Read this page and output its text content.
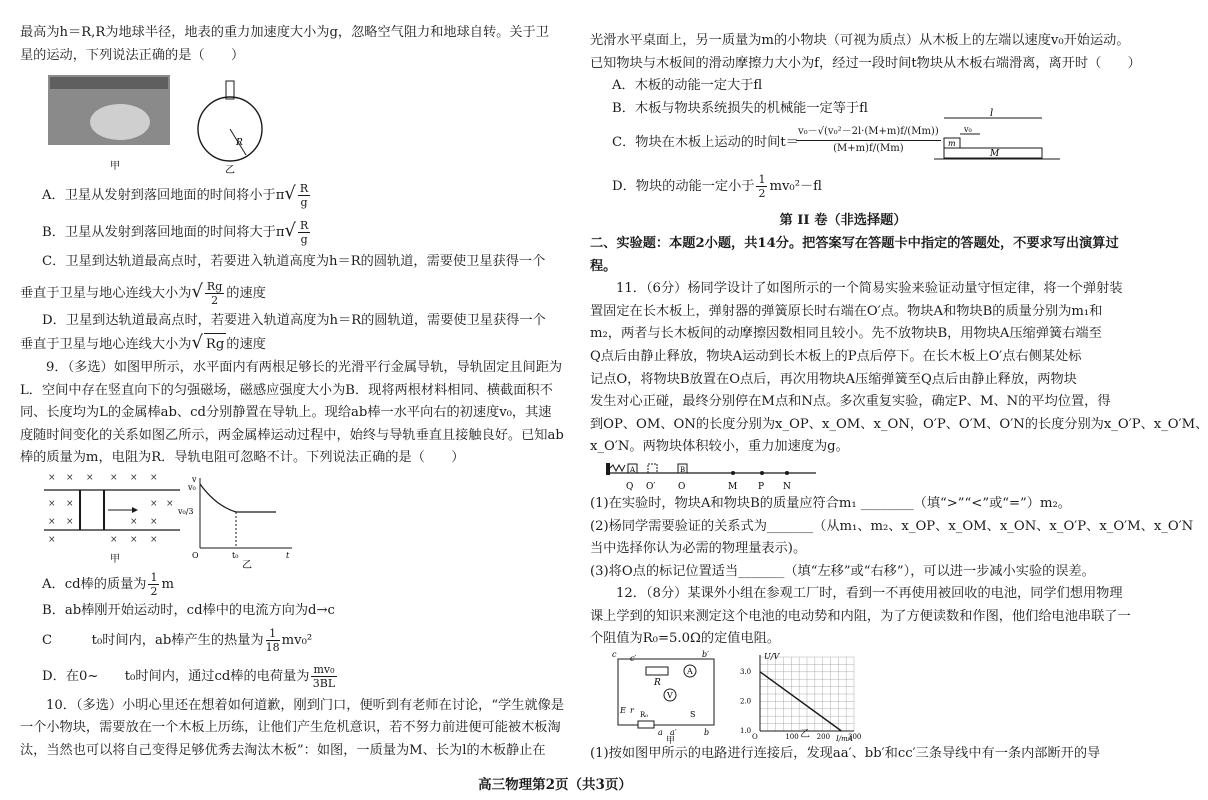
最高为h＝R,R为地球半径，地表的重力加速度大小为g，忽略空气阻力和地球自转。关于卫

星的运动，下列说法正确的是（　　）

R
甲	乙

A．卫星从发射到落回地面的时间将小于$\pi√ \frac{R}{g}$

B．卫星从发射到落回地面的时间将大于$\pi√ \frac{R}{g}$

C．卫星到达轨道最高点时，若要进入轨道高度为h＝R的圆轨道，需要使卫星获得一个

垂直于卫星与地心连线大小为√ $\frac{Rg}{2}$ 的速度

D．卫星到达轨道最高点时，若要进入轨道高度为h＝R的圆轨道，需要使卫星获得一个

垂直于卫星与地心连线大小为√ Rg 的速度

9．（多选）如图甲所示，水平面内有两根足够长的光滑平行金属导轨，导轨固定且间距为

L．空间中存在竖直向下的匀强磁场，磁感应强度大小为B．现将两根材料相同、横截面积不

同、长度均为L的金属棒ab、cd分别静置在导轨上。现给ab棒一水平向右的初速度v₀，其速

度随时间变化的关系如图乙所示，两金属棒运动过程中，始终与导轨垂直且接触良好。已知ab

棒的质量为m，电阻为R．导轨电阻可忽略不计。下列说法正确的是（　　）

× × × × × ×
× ×	× ×
× ×	× ×
×	× × ×
甲
v
v₀
v₀/3
O	t₀	t
乙

A．cd棒的质量为 $\frac{1}{2}$ m

B．ab棒刚开始运动时，cd棒中的电流方向为d→c

C　　　t₀时间内，ab棒产生的热量为 $\frac{1}{18} mv_0^2$

D．在0~　　t₀时间内，通过cd棒的电荷量为 $\frac{\text{mv₀}}{3BL}$

10．（多选）小明心里还在想着如何道歉，刚到门口，便听到有老师在讨论，“学生就像是

一个小物块，需要放在一个木板上历练，让他们产生危机意识，若不努力前进便可能被木板淘

汰，当然也可以将自己变得足够优秀去淘汰木板”：如图，一质量为M、长为l的木板静止在

光滑水平桌面上，另一质量为m的小物块（可视为质点）从木板上的左端以速度v₀开始运动。

已知物块与木板间的滑动摩擦力大小为f，经过一段时间t物块从木板右端滑离，离开时（　　）

A．木板的动能一定大于fl

B．木板与物块系统损失的机械能一定等于fl

C．物块在木板上运动的时间t＝

$\frac{\text{v₀－√(v₀²－2l·(M+m)f/(Mm))}}{(M+m)f/(Mm)}$
l
v₀
m
M

D．物块的动能一定小于 $\frac{1}{2} mv_0^2-fl$

第 II 卷（非选择题）

二、实验题：本题2小题，共14分。把答案写在答题卡中指定的答题处，不要求写出演算过

程。

11．（6分）杨同学设计了如图所示的一个简易实验来验证动量守恒定律，将一个弹射装

置固定在长木板上，弹射器的弹簧原长时右端在O′点。物块A和物块B的质量分别为m₁和

m₂，两者与长木板间的动摩擦因数相同且较小。先不放物块B，用物块A压缩弹簧右端至

Q点后由静止释放，物块A运动到长木板上的P点后停下。在长木板上O′点右侧某处标

记点O，将物块B放置在O点后，再次用物块A压缩弹簧至Q点后由静止释放，两物块

发生对心正碰，最终分别停在M点和N点。多次重复实验，确定P、M、N的平均位置，得

到OP、OM、ON的长度分别为x_OP、x_OM、x_ON，O′P、O′M、O′N的长度分别为x_O′P、x_O′M、

x_O′N。两物块体积较小，重力加速度为g。

A	B
Q O′	O	M P N

(1)在实验时，物块A和物块B的质量应符合m₁ ________（填“>”“<”或“=”）m₂。

(2)杨同学需要验证的关系式为_______（从m₁、m₂、x_OP、x_OM、x_ON、x_O′P、x_O′M、x_O′N

当中选择你认为必需的物理量表示)。

(3)将O点的标记位置适当_______（填“左移”或“右移”），可以进一步减小实验的误差。

12．（8分）某课外小组在参观工厂时，看到一不再使用被回收的电池，同学们想用物理

课上学到的知识来测定这个电池的电动势和内阻，为了方便读数和作图，他们给电池串联了一

个阻值为R₀=5.0Ω的定值电阻。

R
A
V
c c′	b′
E r R₀
a a′
S
b
甲	100	200	300
1.0
2.0
3.0
U/V
I/mA
O	乙

(1)按如图甲所示的电路进行连接后，发现aa′、bb′和cc′三条导线中有一条内部断开的导

高三物理第2页（共3页）
